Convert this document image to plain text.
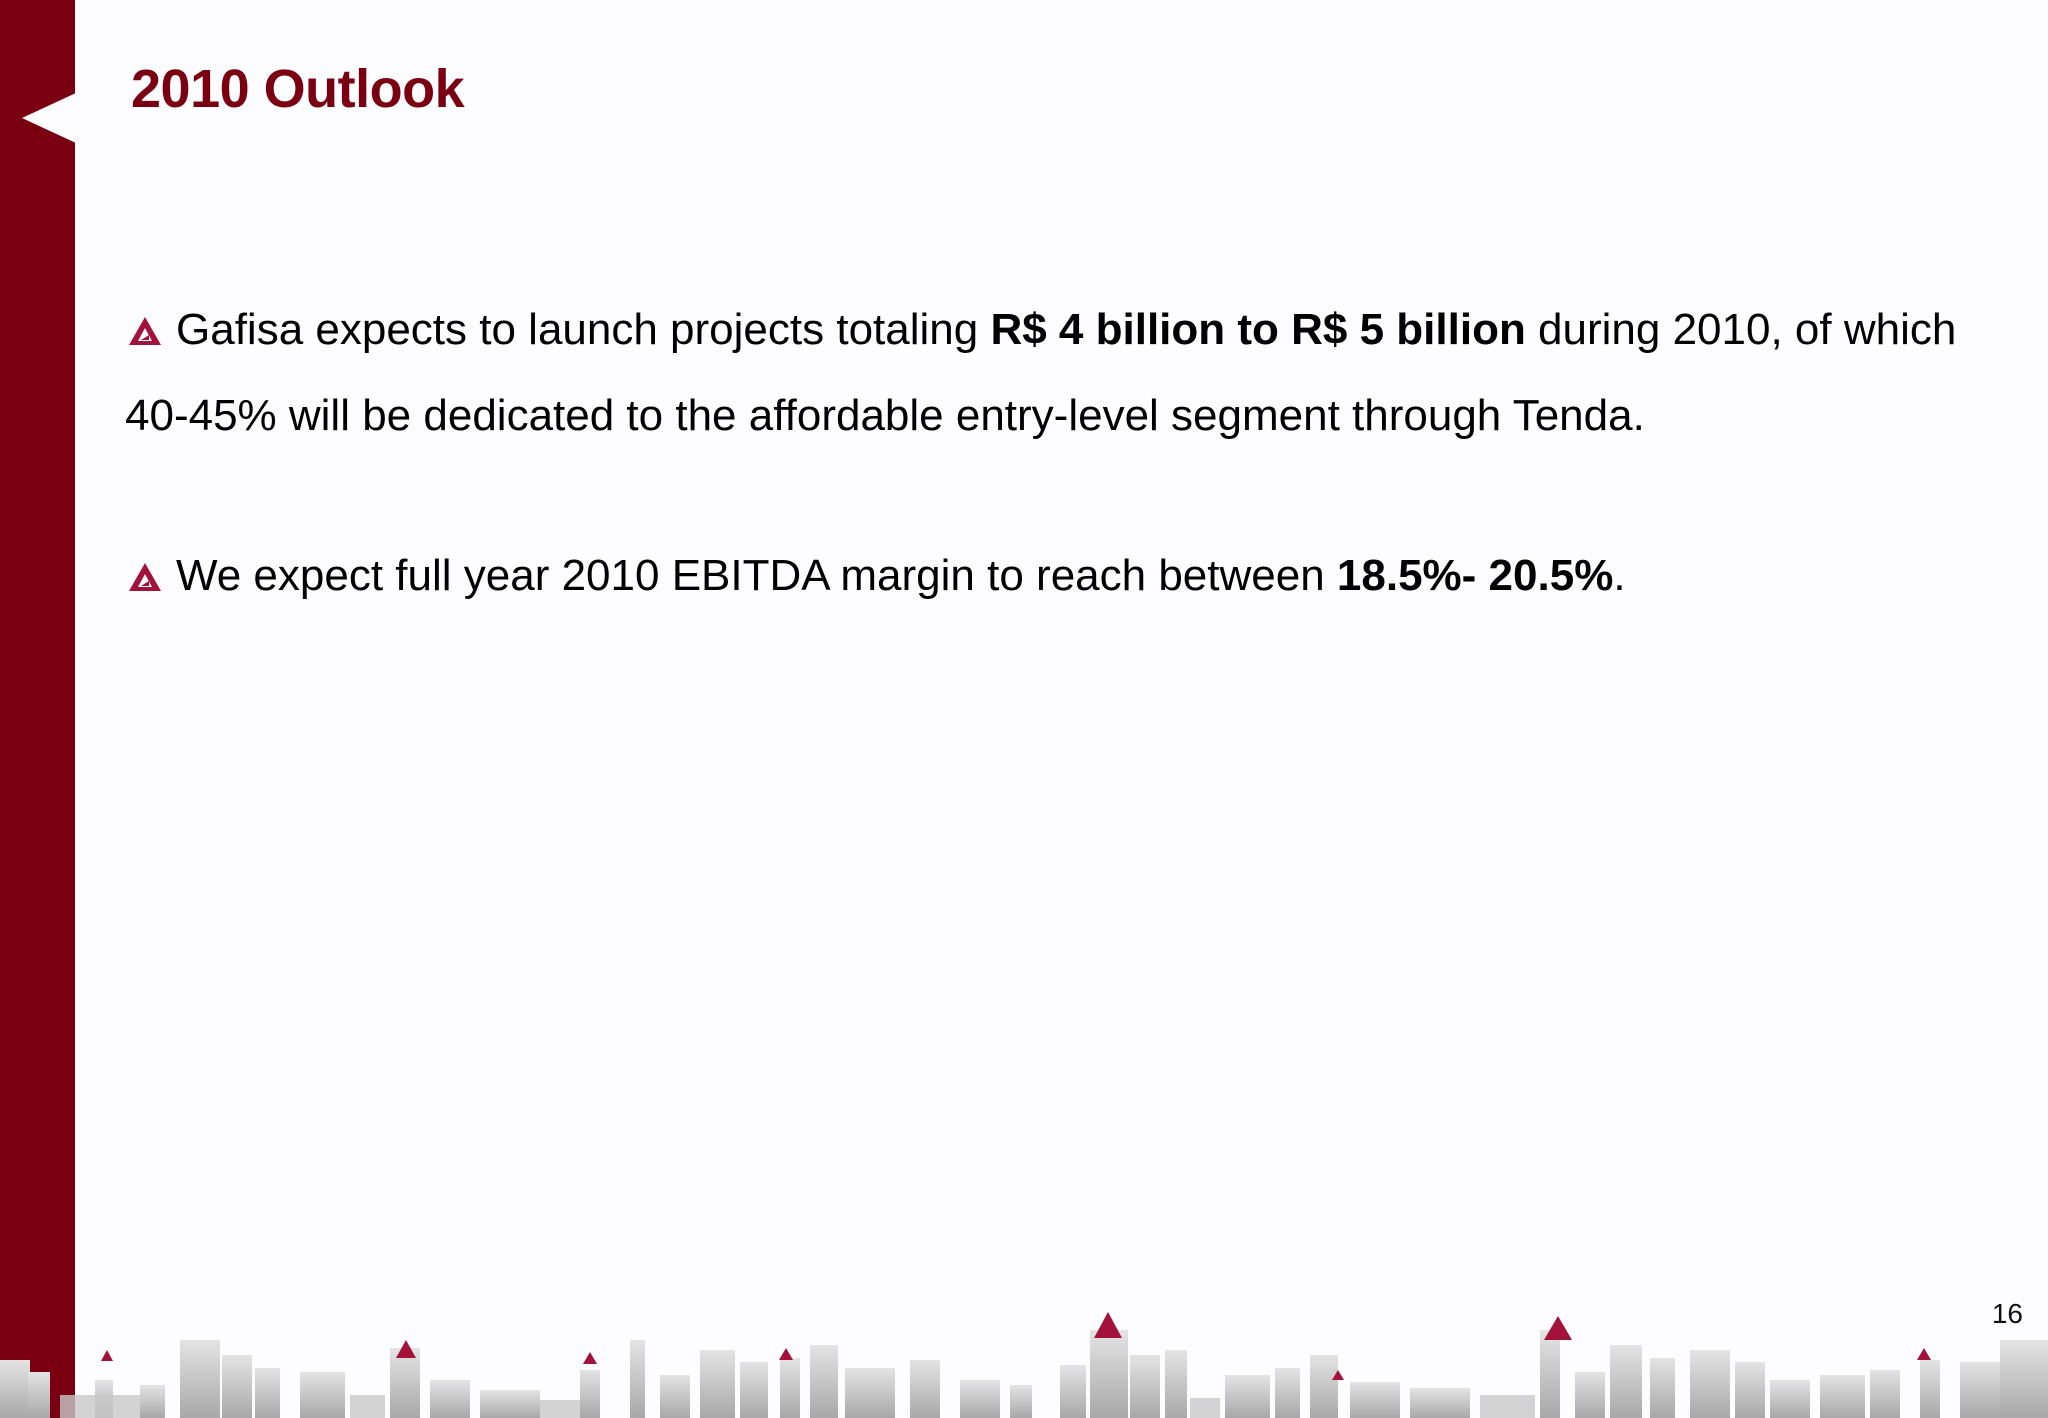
2010 Outlook

Gafisa expects to launch projects totaling R$ 4 billion to R$ 5 billion during 2010, of which 40-45% will be dedicated to the affordable entry-level segment through Tenda.

We expect full year 2010 EBITDA margin to reach between 18.5%- 20.5%.

16
